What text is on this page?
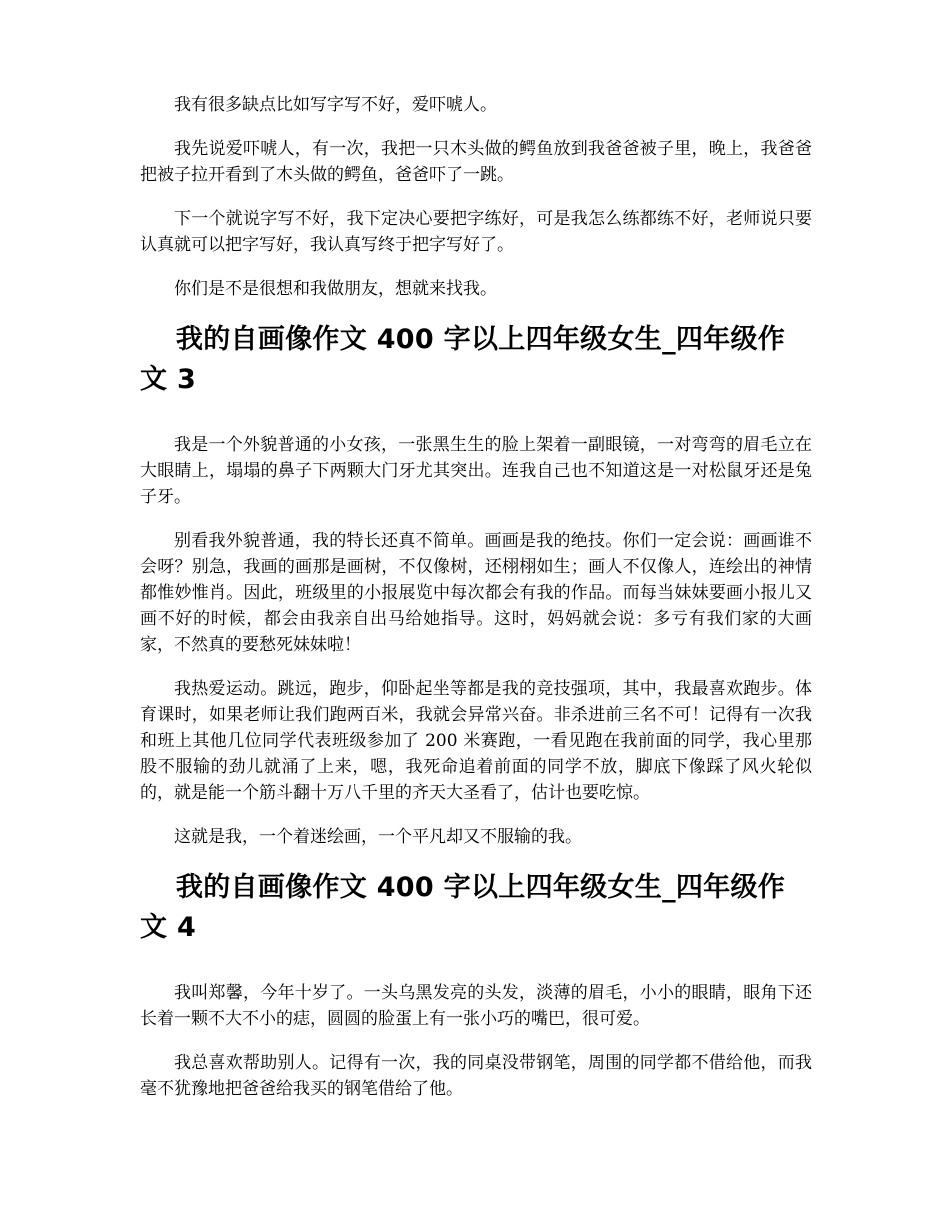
我有很多缺点比如写字写不好，爱吓唬人。

我先说爱吓唬人，有一次，我把一只木头做的鳄鱼放到我爸爸被子里，晚上，我爸爸把被子拉开看到了木头做的鳄鱼，爸爸吓了一跳。

下一个就说字写不好，我下定决心要把字练好，可是我怎么练都练不好，老师说只要认真就可以把字写好，我认真写终于把字写好了。

你们是不是很想和我做朋友，想就来找我。

我的自画像作文 400 字以上四年级女生_四年级作文 3

我是一个外貌普通的小女孩，一张黑生生的脸上架着一副眼镜，一对弯弯的眉毛立在大眼睛上，塌塌的鼻子下两颗大门牙尤其突出。连我自己也不知道这是一对松鼠牙还是兔子牙。

别看我外貌普通，我的特长还真不简单。画画是我的绝技。你们一定会说：画画谁不会呀？别急，我画的画那是画树，不仅像树，还栩栩如生；画人不仅像人，连绘出的神情都惟妙惟肖。因此，班级里的小报展览中每次都会有我的作品。而每当妹妹要画小报儿又画不好的时候，都会由我亲自出马给她指导。这时，妈妈就会说：多亏有我们家的大画家，不然真的要愁死妹妹啦！

我热爱运动。跳远，跑步，仰卧起坐等都是我的竞技强项，其中，我最喜欢跑步。体育课时，如果老师让我们跑两百米，我就会异常兴奋。非杀进前三名不可！记得有一次我和班上其他几位同学代表班级参加了 200 米赛跑，一看见跑在我前面的同学，我心里那股不服输的劲儿就涌了上来，嗯，我死命追着前面的同学不放，脚底下像踩了风火轮似的，就是能一个筋斗翻十万八千里的齐天大圣看了，估计也要吃惊。

这就是我，一个着迷绘画，一个平凡却又不服输的我。

我的自画像作文 400 字以上四年级女生_四年级作文 4

我叫郑馨，今年十岁了。一头乌黑发亮的头发，淡薄的眉毛，小小的眼睛，眼角下还长着一颗不大不小的痣，圆圆的脸蛋上有一张小巧的嘴巴，很可爱。

我总喜欢帮助别人。记得有一次，我的同桌没带钢笔，周围的同学都不借给他，而我毫不犹豫地把爸爸给我买的钢笔借给了他。
